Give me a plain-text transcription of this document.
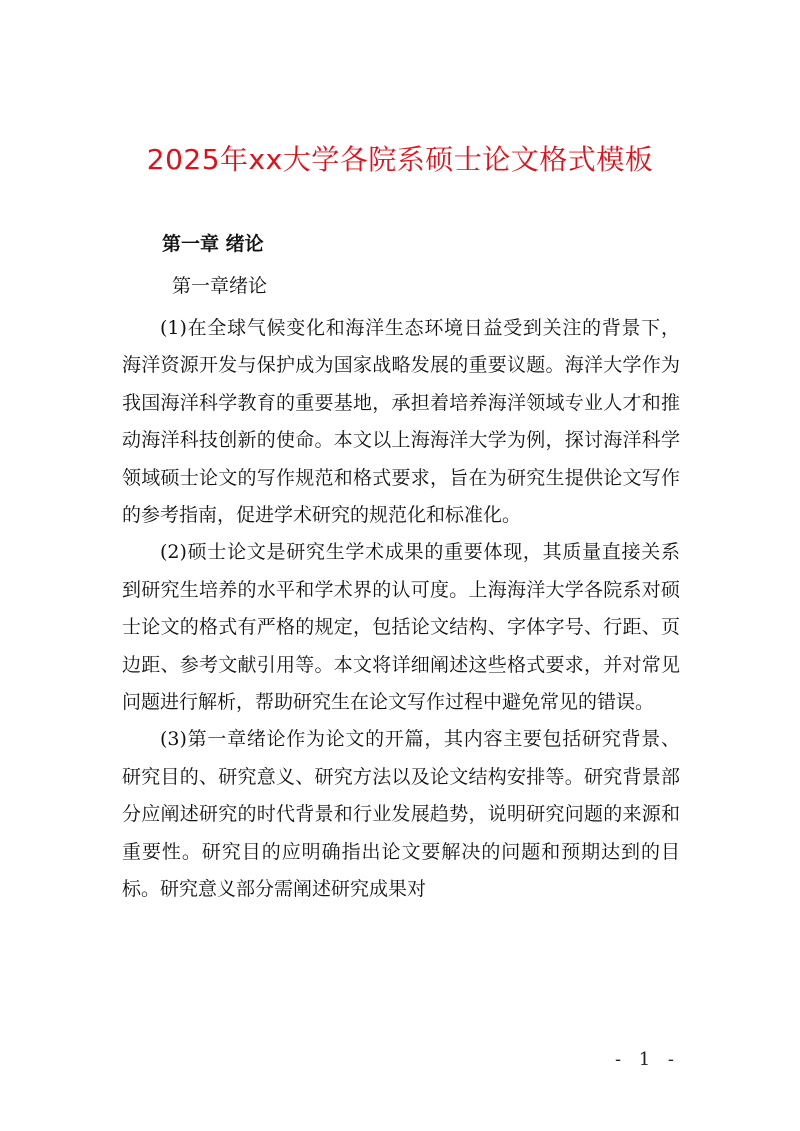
2025年xx大学各院系硕士论文格式模板
第一章 绪论

第一章绪论

(1)在全球气候变化和海洋生态环境日益受到关注的背景下，海洋资源开发与保护成为国家战略发展的重要议题。海洋大学作为我国海洋科学教育的重要基地，承担着培养海洋领域专业人才和推动海洋科技创新的使命。本文以上海海洋大学为例，探讨海洋科学领域硕士论文的写作规范和格式要求，旨在为研究生提供论文写作的参考指南，促进学术研究的规范化和标准化。

(2)硕士论文是研究生学术成果的重要体现，其质量直接关系到研究生培养的水平和学术界的认可度。上海海洋大学各院系对硕士论文的格式有严格的规定，包括论文结构、字体字号、行距、页边距、参考文献引用等。本文将详细阐述这些格式要求，并对常见问题进行解析，帮助研究生在论文写作过程中避免常见的错误。

(3)第一章绪论作为论文的开篇，其内容主要包括研究背景、研究目的、研究意义、研究方法以及论文结构安排等。研究背景部分应阐述研究的时代背景和行业发展趋势，说明研究问题的来源和重要性。研究目的应明确指出论文要解决的问题和预期达到的目标。研究意义部分需阐述研究成果对

- 1 -
